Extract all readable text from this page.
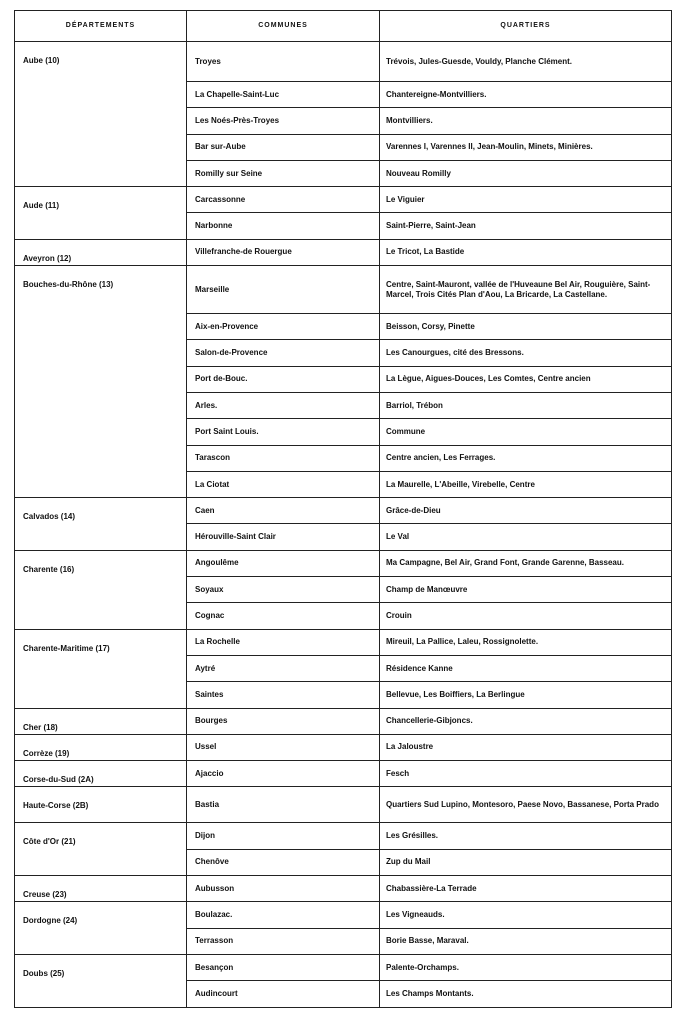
DÉPARTEMENTS	COMMUNES	QUARTIERS
Aube (10)	Troyes	Trévois, Jules-Guesde, Vouldy, Planche Clément.
	La Chapelle-Saint-Luc	Chantereigne-Montvilliers.
	Les Noés-Près-Troyes	Montvilliers.
	Bar sur-Aube	Varennes I, Varennes II, Jean-Moulin, Minets, Minières.
	Romilly sur Seine	Nouveau Romilly
Aude (11)	Carcassonne	Le Viguier
	Narbonne	Saint-Pierre, Saint-Jean
Aveyron (12)	Villefranche-de Rouergue	Le Tricot, La Bastide
Bouches-du-Rhône (13)	Marseille	Centre, Saint-Mauront, vallée de l'Huveaune Bel Air, Rouguière, Saint-Marcel, Trois Cités Plan d'Aou, La Bricarde, La Castellane.
	Aix-en-Provence	Beisson, Corsy, Pinette
	Salon-de-Provence	Les Canourgues, cité des Bressons.
	Port de-Bouc.	La Lègue, Aigues-Douces, Les Comtes, Centre ancien
	Arles.	Barriol, Trébon
	Port Saint Louis.	Commune
	Tarascon	Centre ancien, Les Ferrages.
	La Ciotat	La Maurelle, L'Abeille, Virebelle, Centre
Calvados (14)	Caen	Grâce-de-Dieu
	Hérouville-Saint Clair	Le Val
Charente (16)	Angoulême	Ma Campagne, Bel Air, Grand Font, Grande Garenne, Basseau.
	Soyaux	Champ de Manœuvre
	Cognac	Crouin
Charente-Maritime (17)	La Rochelle	Mireuil, La Pallice, Laleu, Rossignolette.
	Aytré	Résidence Kanne
	Saintes	Bellevue, Les Boiffiers, La Berlingue
Cher (18)	Bourges	Chancellerie-Gibjoncs.
Corrèze (19)	Ussel	La Jaloustre
Corse-du-Sud (2A)	Ajaccio	Fesch
Haute-Corse (2B)	Bastia	Quartiers Sud Lupino, Montesoro, Paese Novo, Bassanese, Porta Prado
Côte d'Or (21)	Dijon	Les Grésilles.
	Chenôve	Zup du Mail
Creuse (23)	Aubusson	Chabassière-La Terrade
Dordogne (24)	Boulazac.	Les Vigneauds.
	Terrasson	Borie Basse, Maraval.
Doubs (25)	Besançon	Palente-Orchamps.
	Audincourt	Les Champs Montants.
